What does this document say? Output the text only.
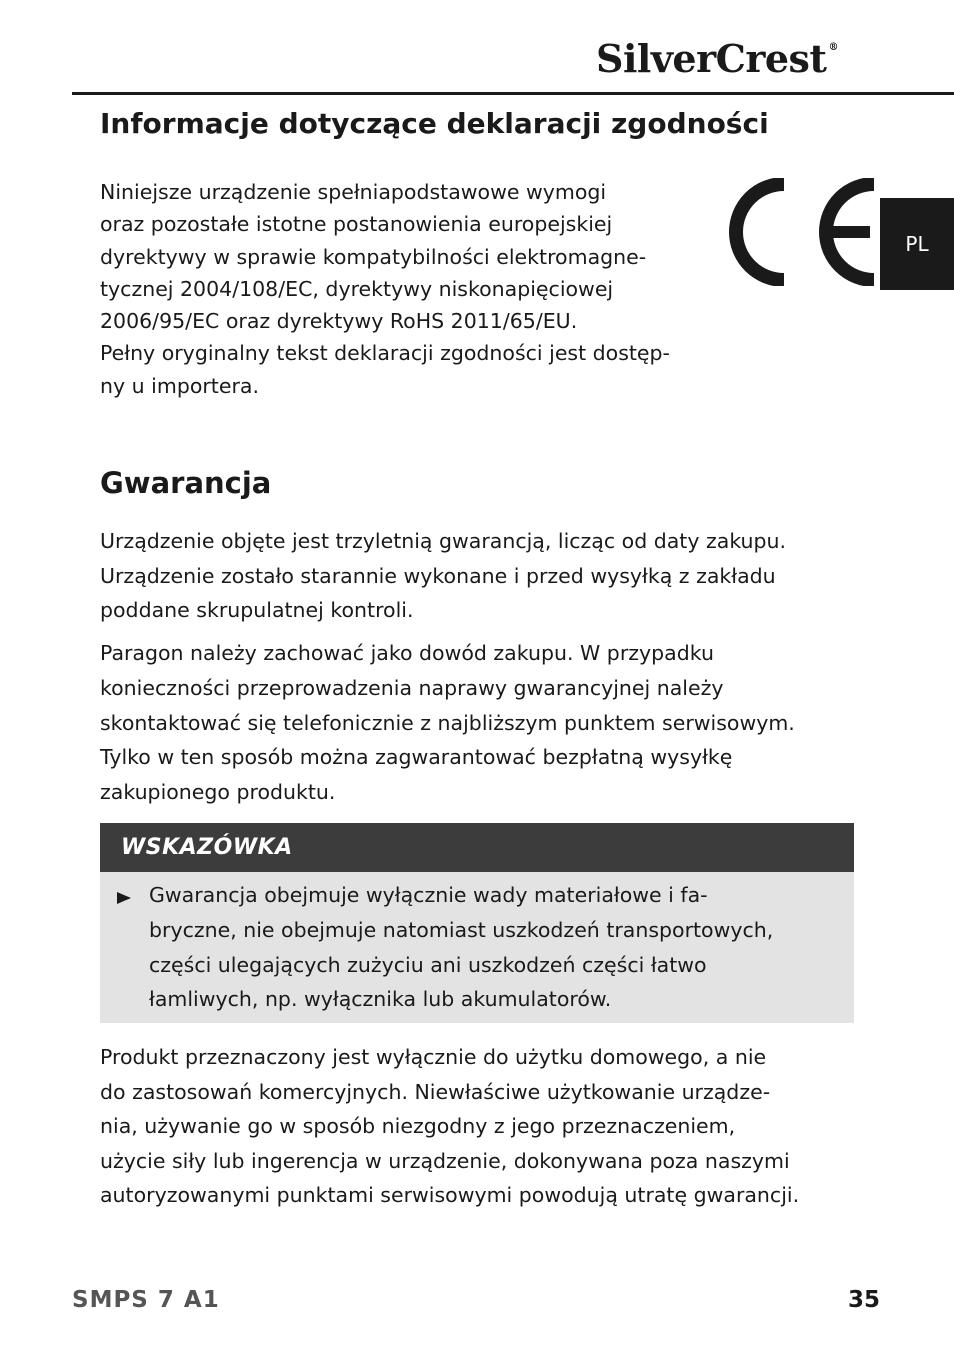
SilverCrest ®
Informacje dotyczące deklaracji zgodności

Niniejsze urządzenie spełniapodstawowe wymogi
oraz pozostałe istotne postanowienia europejskiej
dyrektywy w sprawie kompatybilności elektromagne-
tycznej 2004/108/EC, dyrektywy niskonapięciowej
2006/95/EC oraz dyrektywy RoHS 2011/65/EU.
Pełny oryginalny tekst deklaracji zgodności jest dostęp-
ny u importera.

PL
Gwarancja

Urządzenie objęte jest trzyletnią gwarancją, licząc od daty zakupu.
Urządzenie zostało starannie wykonane i przed wysyłką z zakładu
poddane skrupulatnej kontroli.

Paragon należy zachować jako dowód zakupu. W przypadku
konieczności przeprowadzenia naprawy gwarancyjnej należy
skontaktować się telefonicznie z najbliższym punktem serwisowym.
Tylko w ten sposób można zagwarantować bezpłatną wysyłkę
zakupionego produktu.

WSKAZÓWKA

Gwarancja obejmuje wyłącznie wady materiałowe i fa-
bryczne, nie obejmuje natomiast uszkodzeń transportowych,
części ulegających zużyciu ani uszkodzeń części łatwo
łamliwych, np. wyłącznika lub akumulatorów.

Produkt przeznaczony jest wyłącznie do użytku domowego, a nie
do zastosowań komercyjnych. Niewłaściwe użytkowanie urządze-
nia, używanie go w sposób niezgodny z jego przeznaczeniem,
użycie siły lub ingerencja w urządzenie, dokonywana poza naszymi
autoryzowanymi punktami serwisowymi powodują utratę gwarancji.

SMPS 7 A1	35
